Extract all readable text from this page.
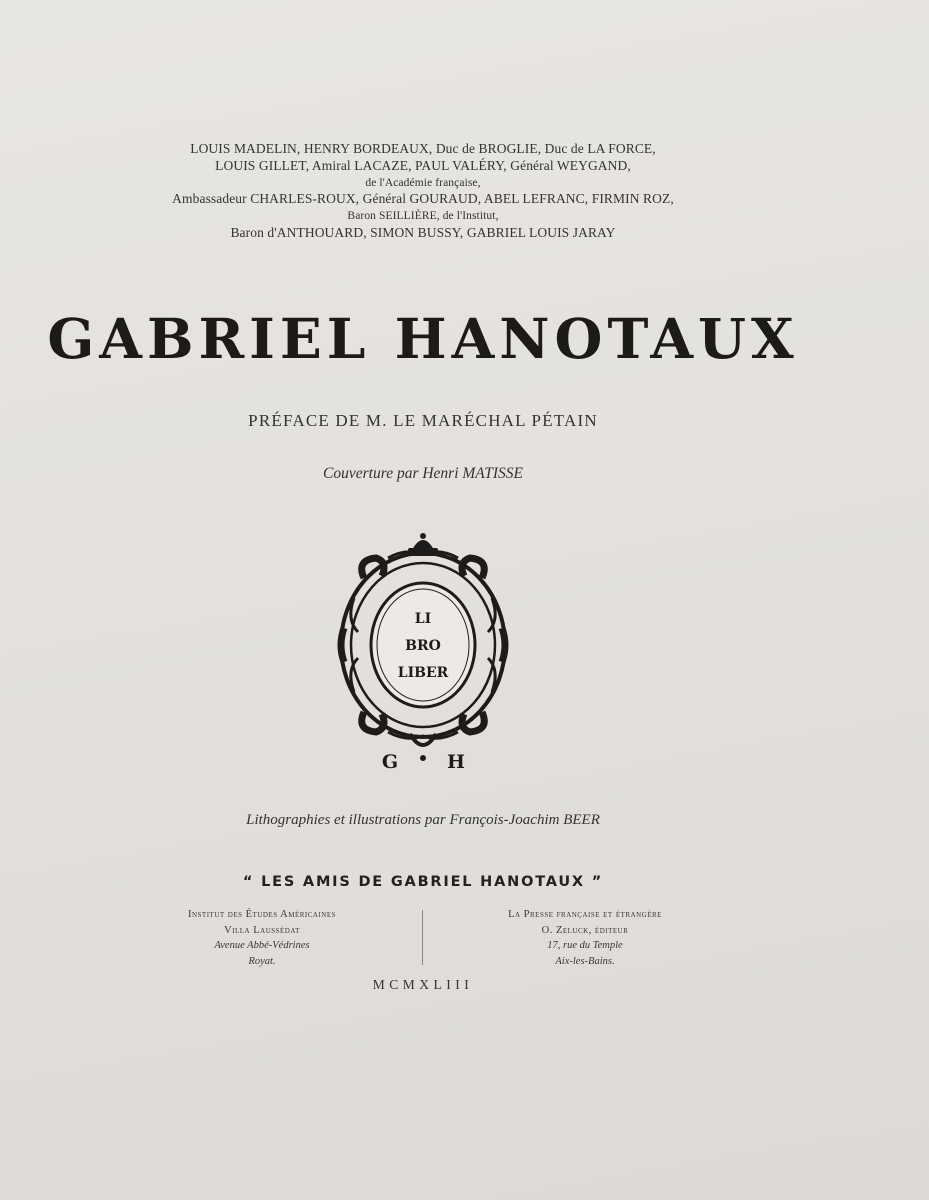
LOUIS MADELIN, HENRY BORDEAUX, Duc de BROGLIE, Duc de LA FORCE,
LOUIS GILLET, Amiral LACAZE, PAUL VALÉRY, Général WEYGAND,
de l'Académie française,
Ambassadeur CHARLES-ROUX, Général GOURAUD, ABEL LEFRANC, FIRMIN ROZ,
Baron SEILLIÈRE, de l'Institut,
Baron d'ANTHOUARD, SIMON BUSSY, GABRIEL LOUIS JARAY
GABRIEL HANOTAUX
PRÉFACE DE M. LE MARÉCHAL PÉTAIN
Couverture par Henri MATISSE
LI
BRO
LIBER
G	H
Lithographies et illustrations par François-Joachim BEER
“ LES AMIS DE GABRIEL HANOTAUX ”
Institut des Études Américaines
Villa Laussédat
Avenue Abbé-Védrines
Royat.
La Presse française et étrangère
O. Zeluck, éditeur
17, rue du Temple
Aix-les-Bains.
MCMXLIII
